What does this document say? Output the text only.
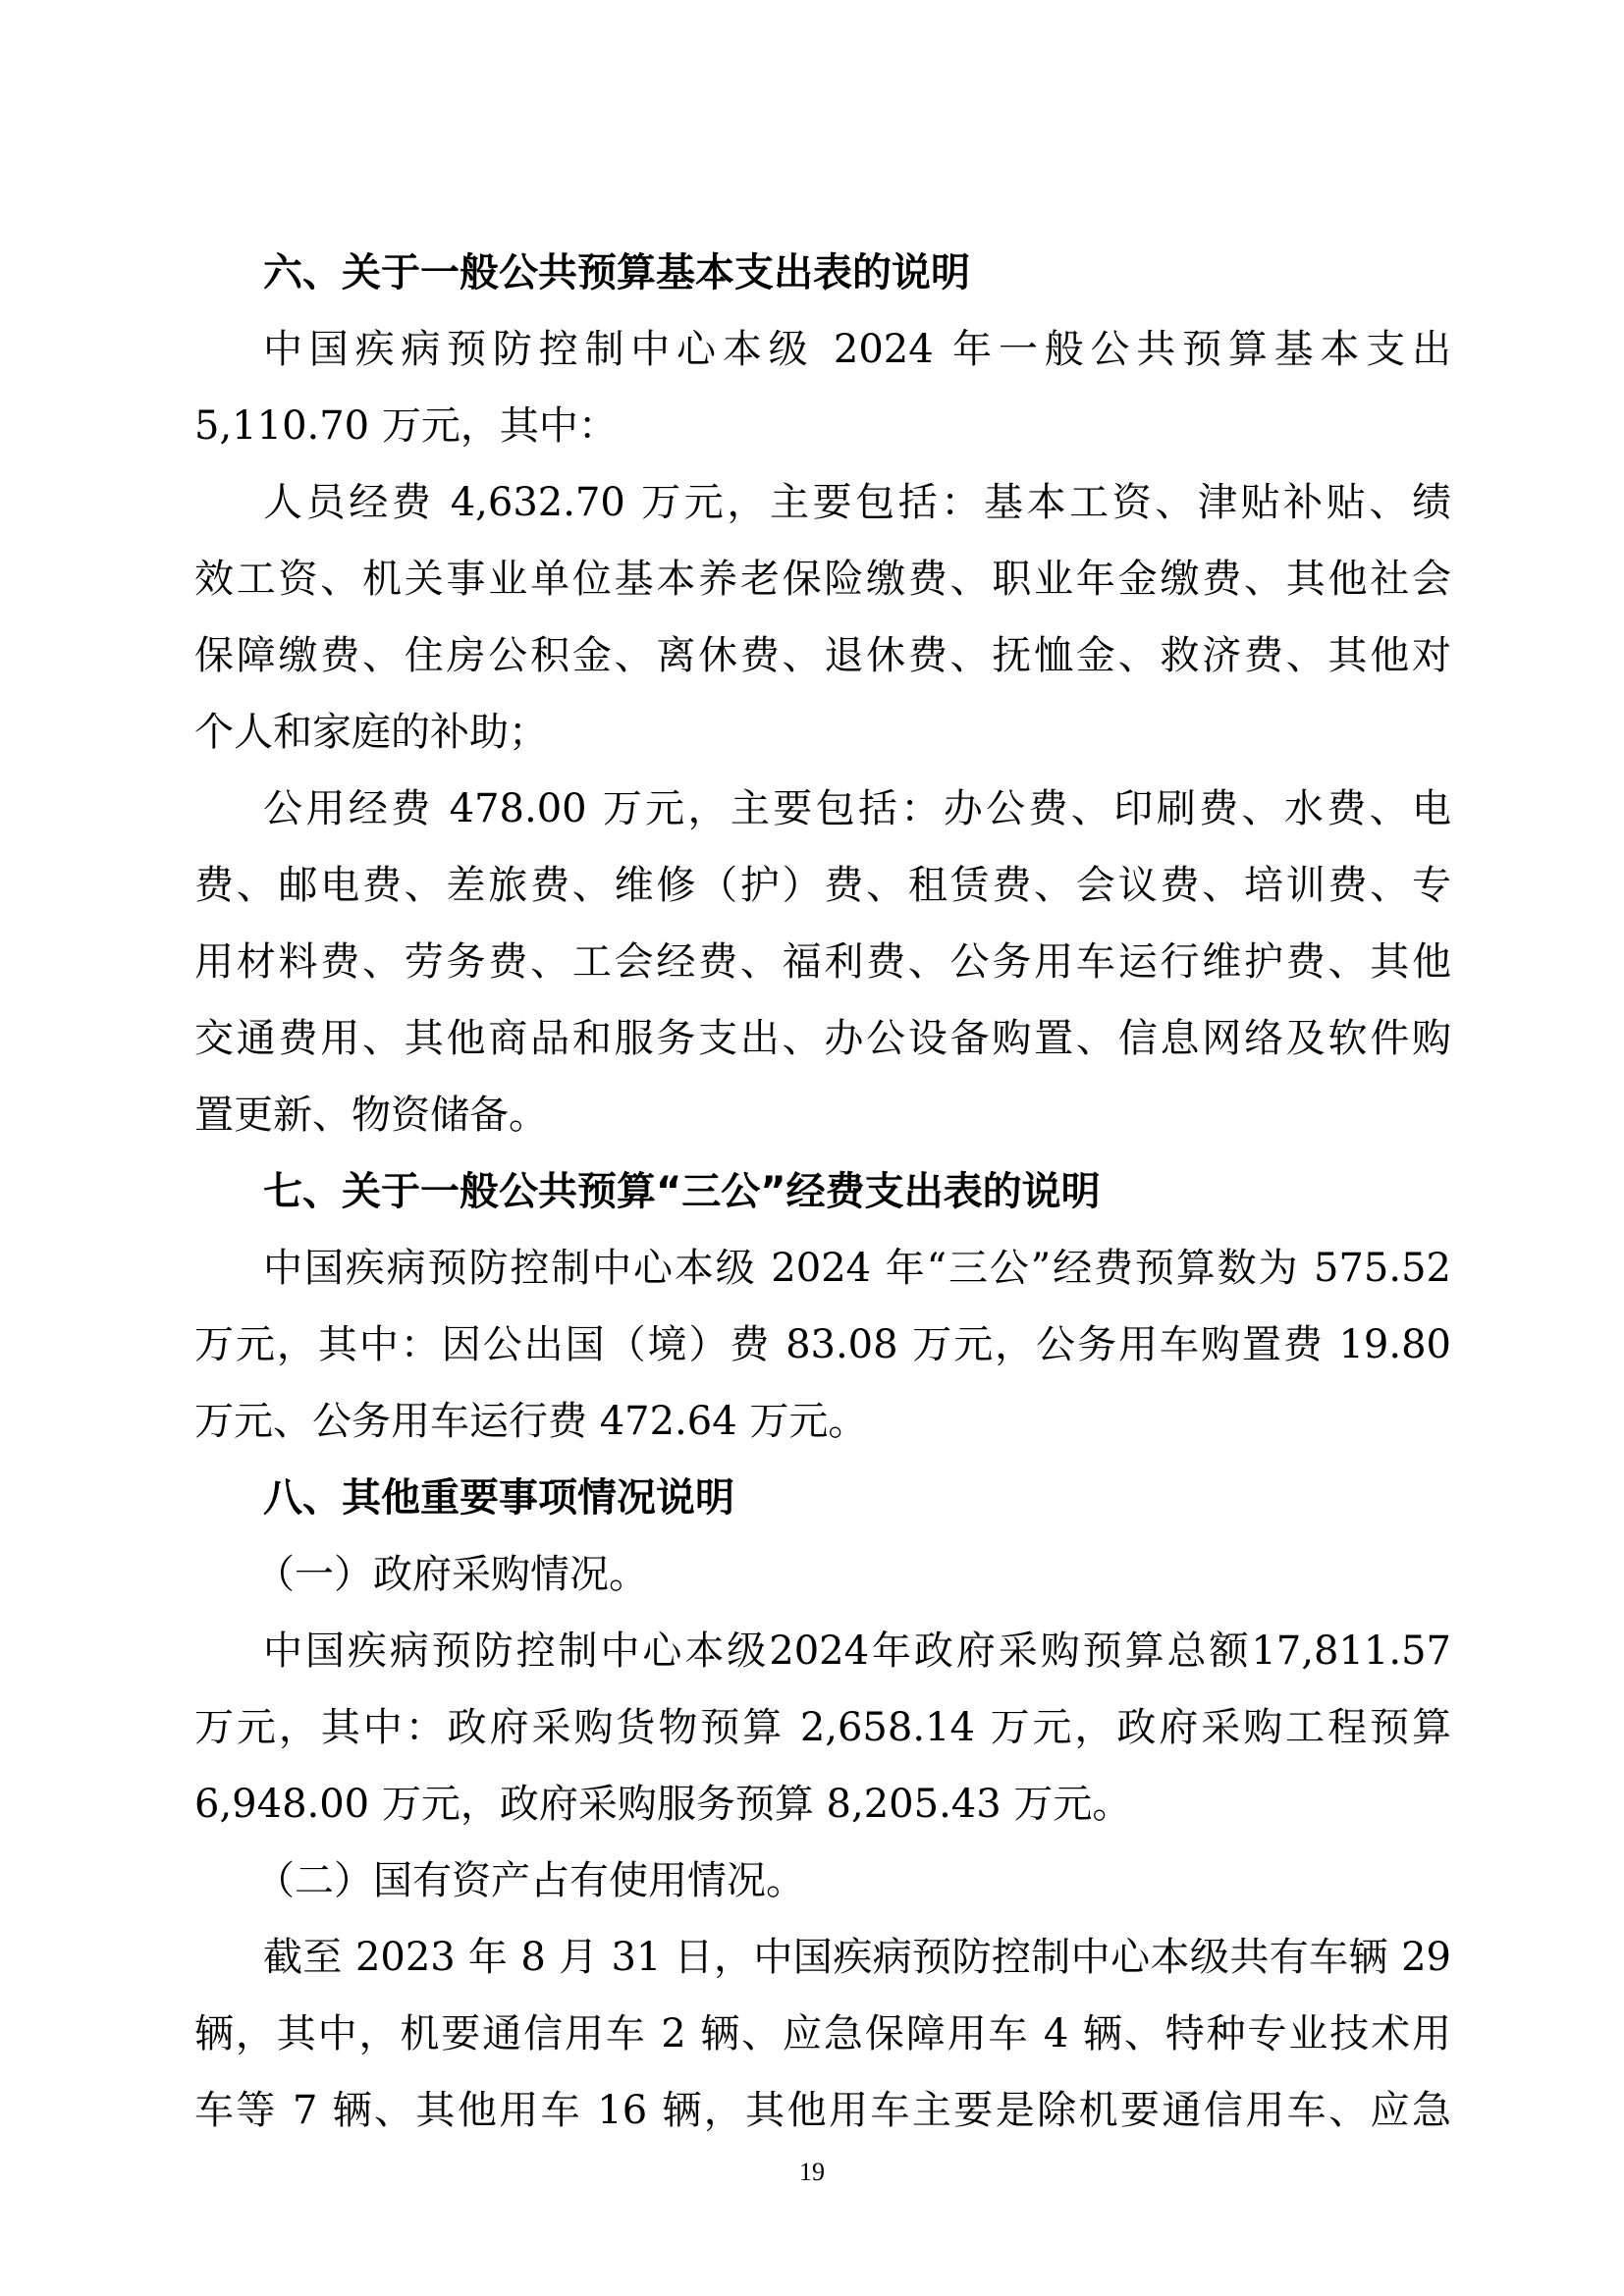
六、关于一般公共预算基本支出表的说明
中国疾病预防控制中心本级 2024 年一般公共预算基本支出
5,110.70 万元，其中：
人员经费 4,632.70 万元，主要包括：基本工资、津贴补贴、绩
效工资、机关事业单位基本养老保险缴费、职业年金缴费、其他社会
保障缴费、住房公积金、离休费、退休费、抚恤金、救济费、其他对
个人和家庭的补助；
公用经费 478.00 万元，主要包括：办公费、印刷费、水费、电
费、邮电费、差旅费、维修（护）费、租赁费、会议费、培训费、专
用材料费、劳务费、工会经费、福利费、公务用车运行维护费、其他
交通费用、其他商品和服务支出、办公设备购置、信息网络及软件购
置更新、物资储备。
七、关于一般公共预算“三公”经费支出表的说明
中国疾病预防控制中心本级 2024 年“三公”经费预算数为 575.52
万元，其中：因公出国（境）费 83.08 万元，公务用车购置费 19.80
万元、公务用车运行费 472.64 万元。
八、其他重要事项情况说明
（一）政府采购情况。
中国疾病预防控制中心本级2024年政府采购预算总额17,811.57
万元，其中：政府采购货物预算 2,658.14 万元，政府采购工程预算
6,948.00 万元，政府采购服务预算 8,205.43 万元。
（二）国有资产占有使用情况。
截至 2023 年 8 月 31 日，中国疾病预防控制中心本级共有车辆 29
辆，其中，机要通信用车 2 辆、应急保障用车 4 辆、特种专业技术用
车等 7 辆、其他用车 16 辆，其他用车主要是除机要通信用车、应急
19
